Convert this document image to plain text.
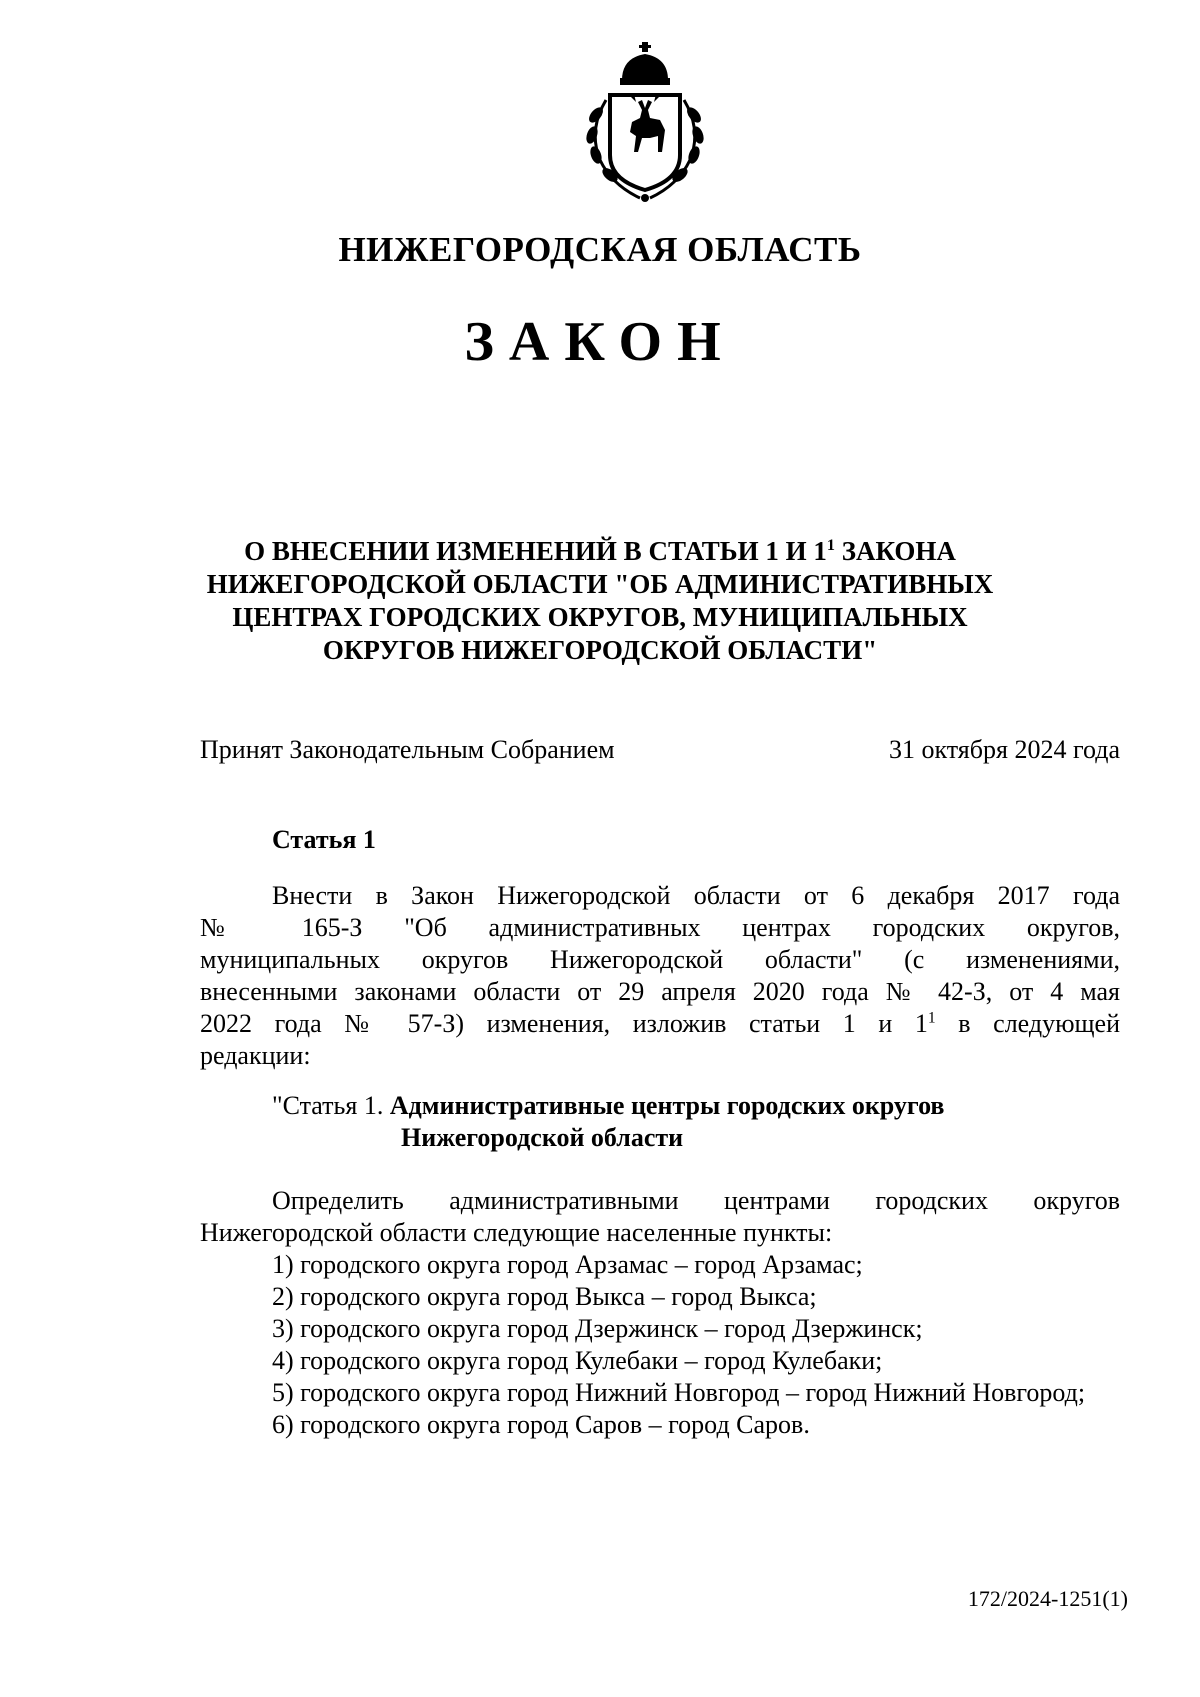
НИЖЕГОРОДСКАЯ ОБЛАСТЬ
ЗАКОН
О ВНЕСЕНИИ ИЗМЕНЕНИЙ В СТАТЬИ 1 И $1^1$ ЗАКОНА
НИЖЕГОРОДСКОЙ ОБЛАСТИ "ОБ АДМИНИСТРАТИВНЫХ
ЦЕНТРАХ ГОРОДСКИХ ОКРУГОВ, МУНИЦИПАЛЬНЫХ
ОКРУГОВ НИЖЕГОРОДСКОЙ ОБЛАСТИ"
Принят Законодательным Собранием	31 октября 2024 года
Статья 1
Внести в Закон Нижегородской области от 6 декабря 2017 года
№ 165-З "Об административных центрах городских округов,
муниципальных округов Нижегородской области" (с изменениями,
внесенными законами области от 29 апреля 2020 года № 42-З, от 4 мая
2022 года № 57-З) изменения, изложив статьи 1 и $1^1$ в следующей
редакции:
"Статья 1. Административные центры городских округов
Нижегородской области
Определить административными центрами городских округов
Нижегородской области следующие населенные пункты:
1) городского округа город Арзамас – город Арзамас;
2) городского округа город Выкса – город Выкса;
3) городского округа город Дзержинск – город Дзержинск;
4) городского округа город Кулебаки – город Кулебаки;
5) городского округа город Нижний Новгород – город Нижний Новгород;
6) городского округа город Саров – город Саров.
172/2024-1251(1)
